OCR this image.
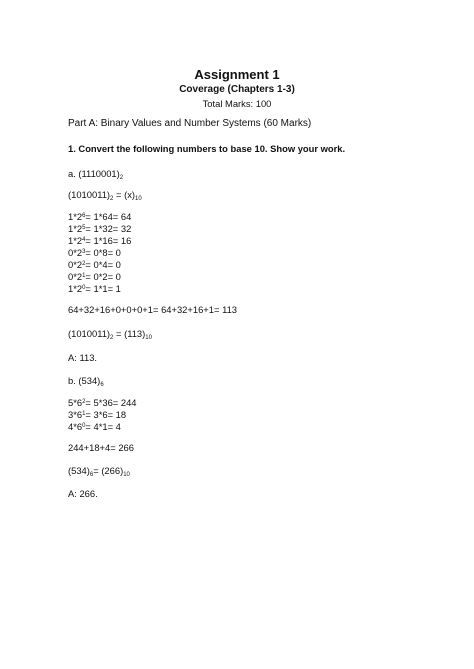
Assignment 1
Coverage (Chapters 1-3)
Total Marks: 100
Part A: Binary Values and Number Systems (60 Marks)
1. Convert the following numbers to base 10. Show your work.
a. $(1110001)_2$
$(1010011)_2 = (x)_{10}$
$1*2^6= 1*64= 64$
$1*2^5= 1*32= 32$
$1*2^4= 1*16= 16$
$0*2^3= 0*8= 0$
$0*2^2= 0*4= 0$
$0*2^1= 0*2= 0$
$1*2^0= 1*1= 1$
64+32+16+0+0+0+1= 64+32+16+1= 113
$(1010011)_2 = (113)_{10}$
A: 113.
b. $(534)_6$
$5*6^2= 5*36= 244$
$3*6^1= 3*6= 18$
$4*6^0= 4*1= 4$
244+18+4= 266
$(534)_6= (266)_{10}$
A: 266.
